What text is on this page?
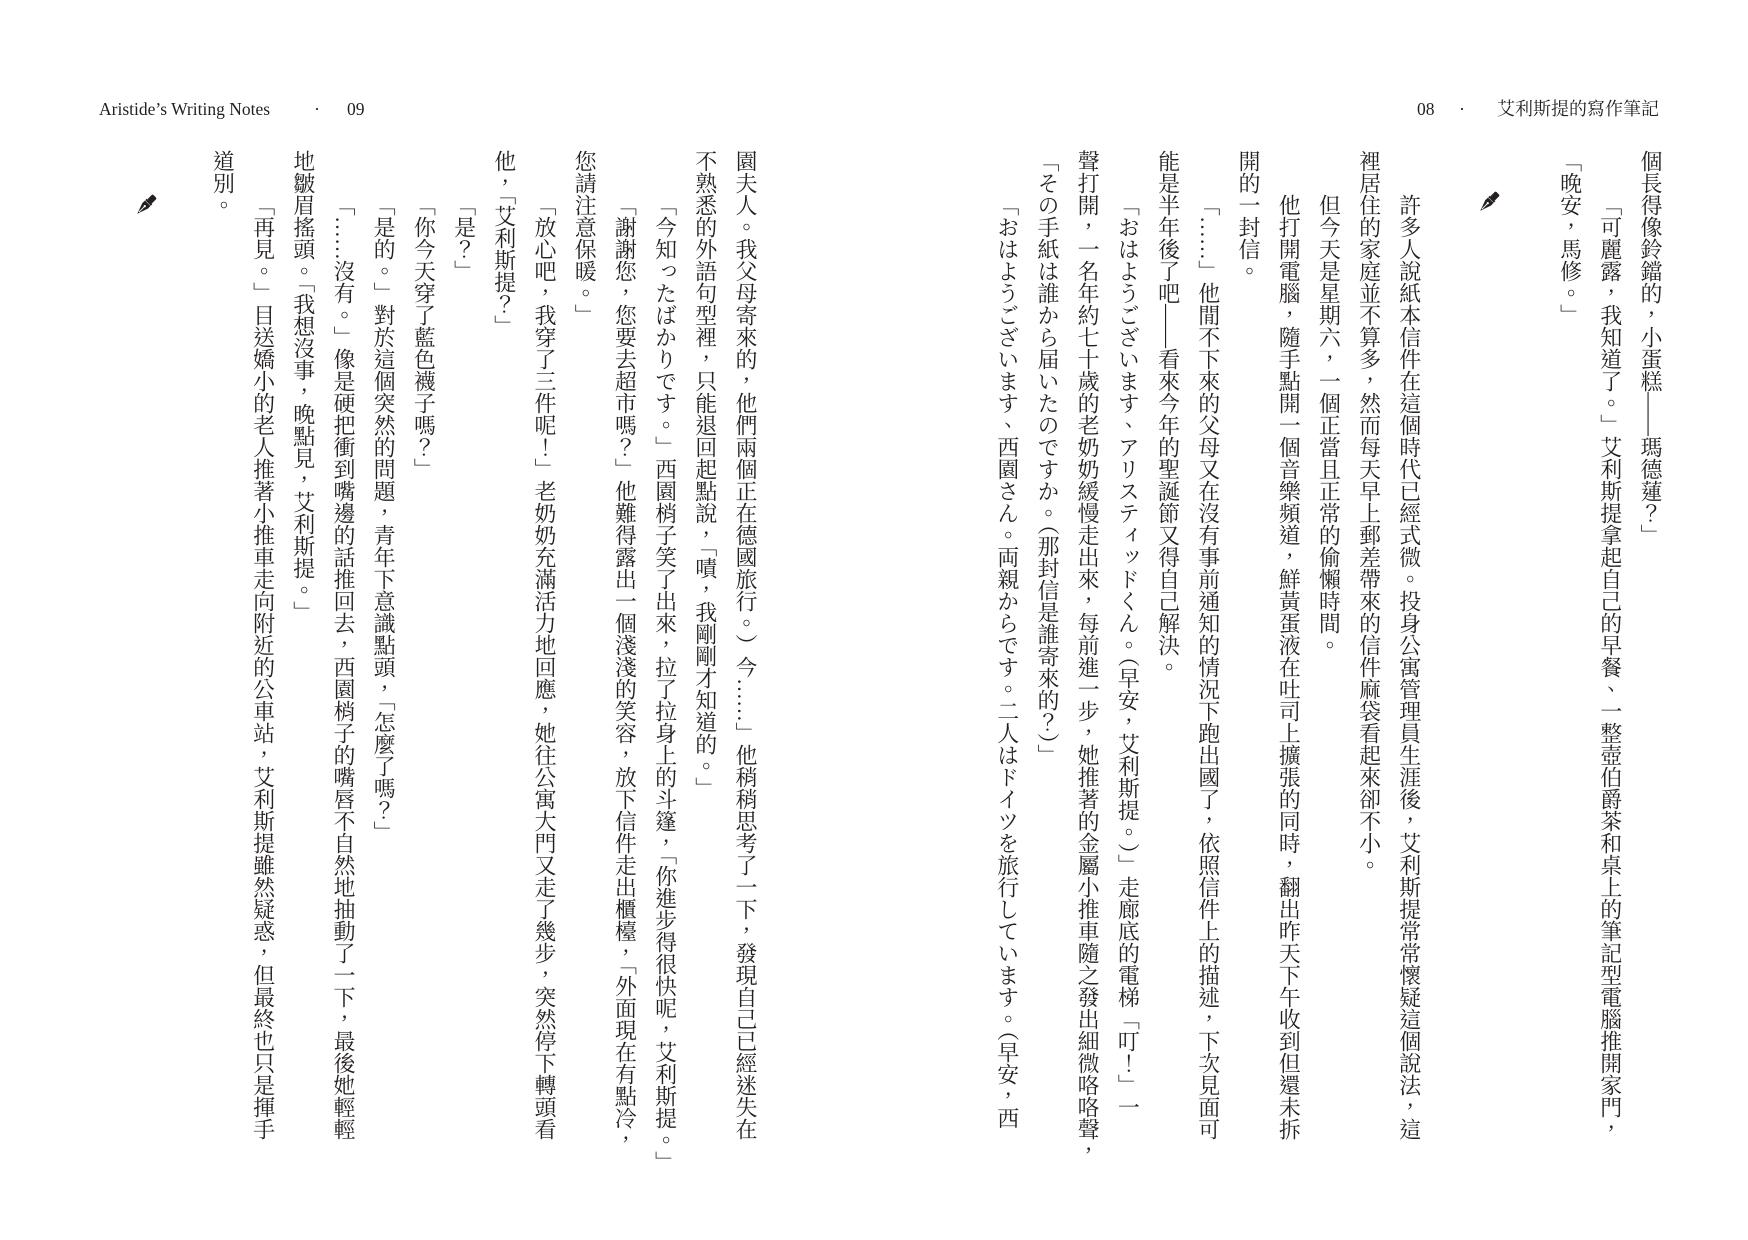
Aristide’s Writing Notes · 09
園夫人。我父母寄來的，他們兩個正在德國旅行。）今……」他稍稍思考了一下，發現自己已經迷失在
不熟悉的外語句型裡，只能退回起點說，「嘖，我剛剛才知道的。」
「今知ったばかりです。」西園梢子笑了出來，拉了拉身上的斗篷，「你進步得很快呢，艾利斯提。」
「謝謝您，您要去超市嗎？」他難得露出一個淺淺的笑容，放下信件走出櫃檯，「外面現在有點冷，
您請注意保暖。」
「放心吧，我穿了三件呢！」老奶奶充滿活力地回應，她往公寓大門又走了幾步，突然停下轉頭看
他，「艾利斯提？」
「是？」
「你今天穿了藍色襪子嗎？」
「是的。」對於這個突然的問題，青年下意識點頭，「怎麼了嗎？」
「……沒有。」像是硬把衝到嘴邊的話推回去，西園梢子的嘴唇不自然地抽動了一下，最後她輕輕
地皺眉搖頭。「我想沒事，晚點見，艾利斯提。」
「再見。」目送嬌小的老人推著小推車走向附近的公車站，艾利斯提雖然疑惑，但最終也只是揮手
道別。
08 · 艾利斯提的寫作筆記
個長得像鈴鐺的，小蛋糕——瑪德蓮？」
「可麗露，我知道了。」艾利斯提拿起自己的早餐、一整壺伯爵茶和桌上的筆記型電腦推開家門，
「晚安，馬修。」
許多人說紙本信件在這個時代已經式微。投身公寓管理員生涯後，艾利斯提常常懷疑這個說法，這
裡居住的家庭並不算多，然而每天早上郵差帶來的信件麻袋看起來卻不小。
但今天是星期六，一個正當且正常的偷懶時間。
他打開電腦，隨手點開一個音樂頻道，鮮黃蛋液在吐司上擴張的同時，翻出昨天下午收到但還未拆
開的一封信。
「……」他閒不下來的父母又在沒有事前通知的情況下跑出國了，依照信件上的描述，下次見面可
能是半年後了吧——看來今年的聖誕節又得自己解決。
「おはようございます、アリスティッドくん。（早安，艾利斯提。）」走廊底的電梯「叮！」一
聲打開，一名年約七十歲的老奶奶緩慢走出來，每前進一步，她推著的金屬小推車隨之發出細微咯咯聲，
「その手紙は誰から届いたのですか。（那封信是誰寄來的？）」
「おはようございます、西園さん。両親からです。二人はドイツを旅行しています。（早安，西
